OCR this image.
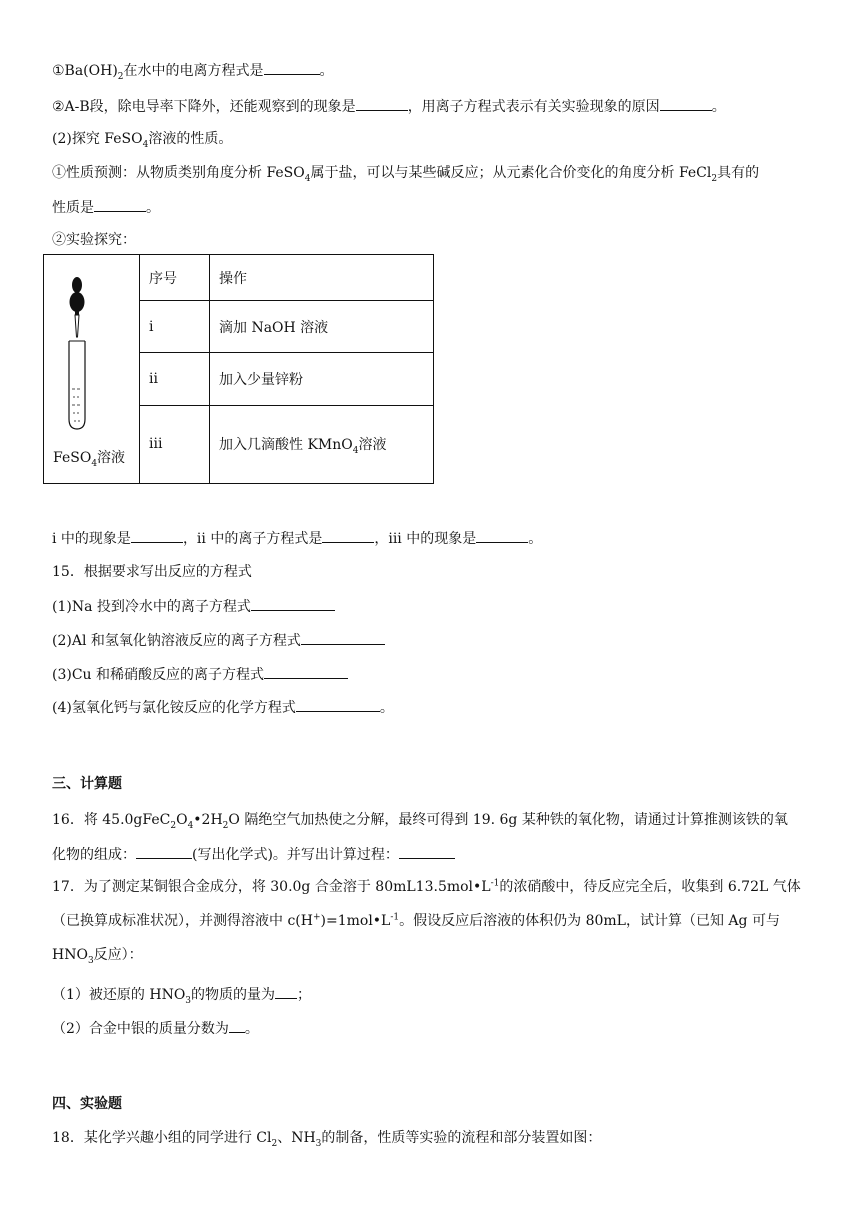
$①Ba(OH)_2$在水中的电离方程式是	。
②A-B段，除电导率下降外，还能观察到的现象是	，用离子方程式表示有关实验现象的原因	。
(2)探究 FeSO$_4$溶液的性质。
①性质预测：从物质类别角度分析 FeSO$_4$属于盐，可以与某些碱反应；从元素化合价变化的角度分析 FeCl$_2$具有的
性质是	。
②实验探究：
FeSO$_4$溶液	序号	操作
	i	滴加 NaOH 溶液
	ii	加入少量锌粉
	iii	加入几滴酸性 KMnO$_4$溶液
i 中的现象是	，ii 中的离子方程式是	，iii 中的现象是	。
15．根据要求写出反应的方程式
(1)Na 投到冷水中的离子方程式
(2)Al 和氢氧化钠溶液反应的离子方程式
(3)Cu 和稀硝酸反应的离子方程式
(4)氢氧化钙与氯化铵反应的化学方程式	。
三、计算题
16．将 $45.0gFeC_2O_4•2H_2O$ 隔绝空气加热使之分解，最终可得到 19. 6g 某种铁的氧化物，请通过计算推测该铁的氧
化物的组成：	(写出化学式)。并写出计算过程：
17．为了测定某铜银合金成分，将 30.0g 合金溶于 $80mL13.5mol•L^{-1}$的浓硝酸中，待反应完全后，收集到 6.72L 气体（已换算成标准状况），并测得溶液中 $c(H^+)=1mol•L^{-1}$。假设反应后溶液的体积仍为 80mL，试计算（已知 Ag 可与 $HNO_3$反应）：
（1）被还原的 $HNO_3$的物质的量为 ；
（2）合金中银的质量分数为 。
四、实验题
18．某化学兴趣小组的同学进行 $Cl_2$、$NH_3$的制备，性质等实验的流程和部分装置如图：
